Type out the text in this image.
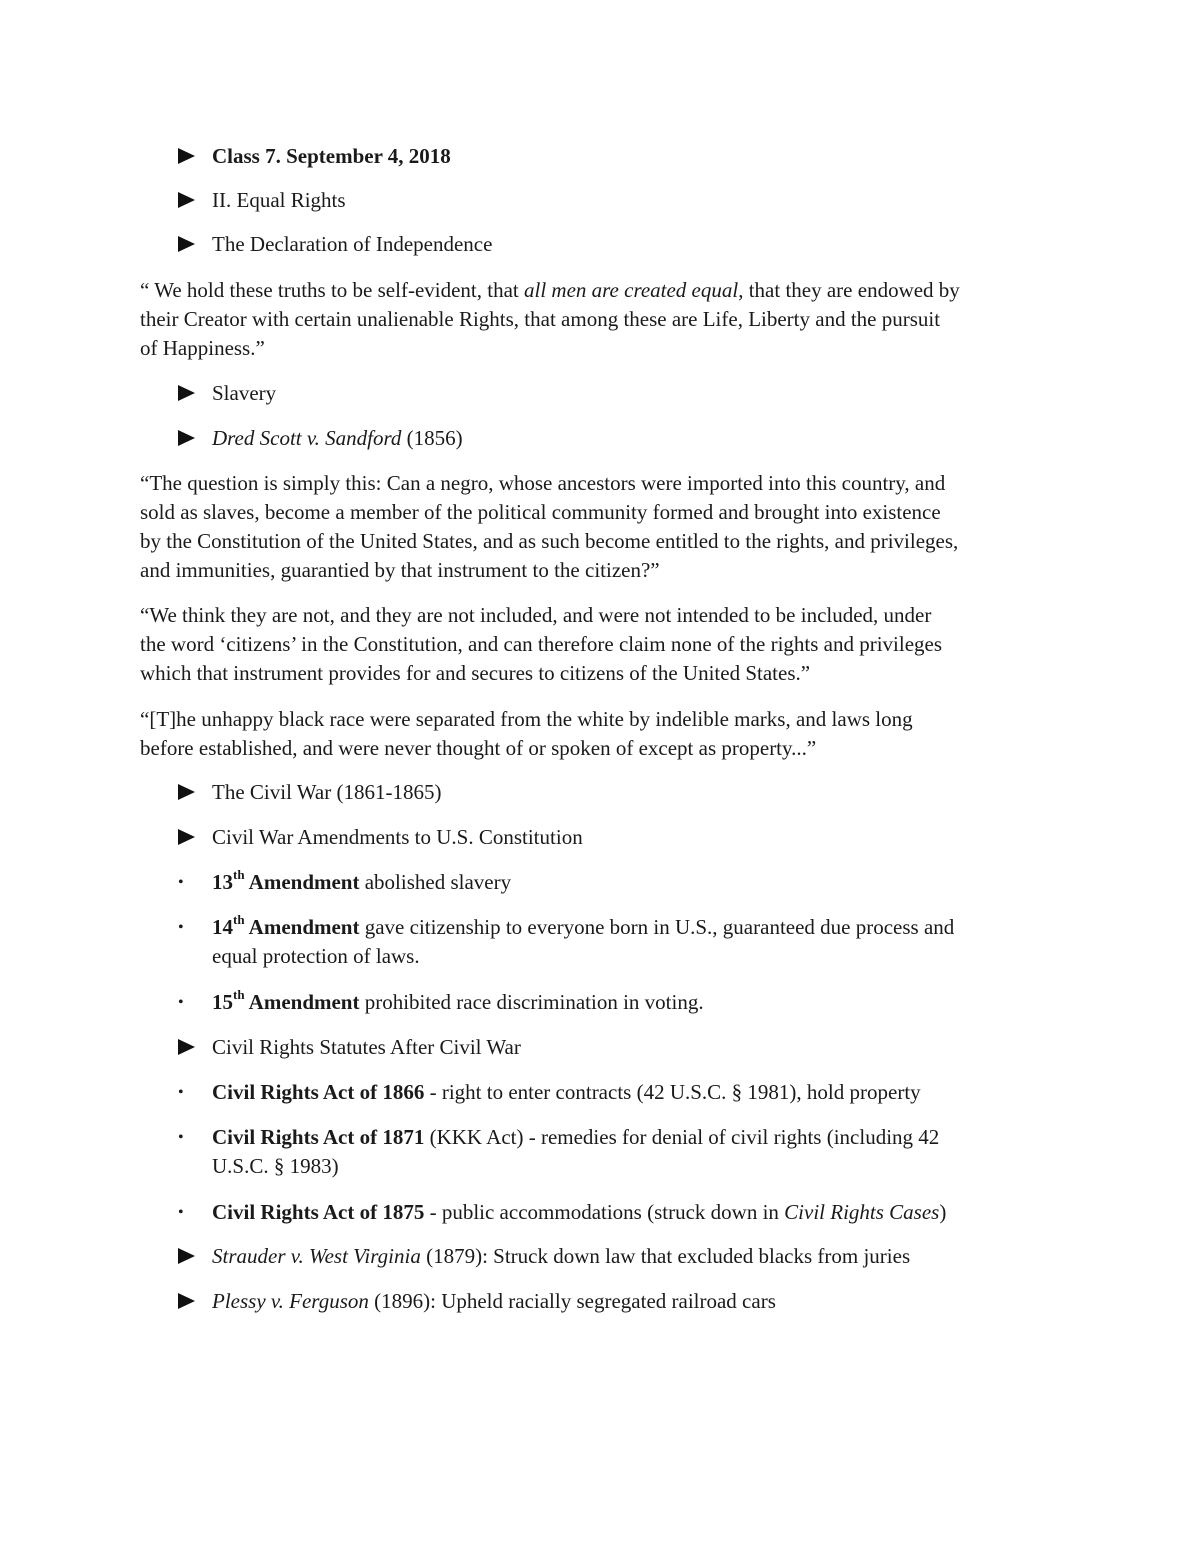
Class 7. September 4, 2018
II. Equal Rights
The Declaration of Independence
“ We hold these truths to be self-evident, that all men are created equal, that they are endowed by
their Creator with certain unalienable Rights, that among these are Life, Liberty and the pursuit
of Happiness.”
Slavery
Dred Scott v. Sandford (1856)
“The question is simply this: Can a negro, whose ancestors were imported into this country, and
sold as slaves, become a member of the political community formed and brought into existence
by the Constitution of the United States, and as such become entitled to the rights, and privileges,
and immunities, guarantied by that instrument to the citizen?”
“We think they are not, and they are not included, and were not intended to be included, under
the word ‘citizens’ in the Constitution, and can therefore claim none of the rights and privileges
which that instrument provides for and secures to citizens of the United States.”
“[T]he unhappy black race were separated from the white by indelible marks, and laws long
before established, and were never thought of or spoken of except as property...”
The Civil War (1861-1865)
Civil War Amendments to U.S. Constitution
•	13th Amendment abolished slavery
•	14th Amendment gave citizenship to everyone born in U.S., guaranteed due process and
equal protection of laws.
•	15th Amendment prohibited race discrimination in voting.
Civil Rights Statutes After Civil War
•	Civil Rights Act of 1866 - right to enter contracts (42 U.S.C. § 1981), hold property
•	Civil Rights Act of 1871 (KKK Act) - remedies for denial of civil rights (including 42
U.S.C. § 1983)
•	Civil Rights Act of 1875 - public accommodations (struck down in Civil Rights Cases)
Strauder v. West Virginia (1879): Struck down law that excluded blacks from juries
Plessy v. Ferguson (1896): Upheld racially segregated railroad cars
